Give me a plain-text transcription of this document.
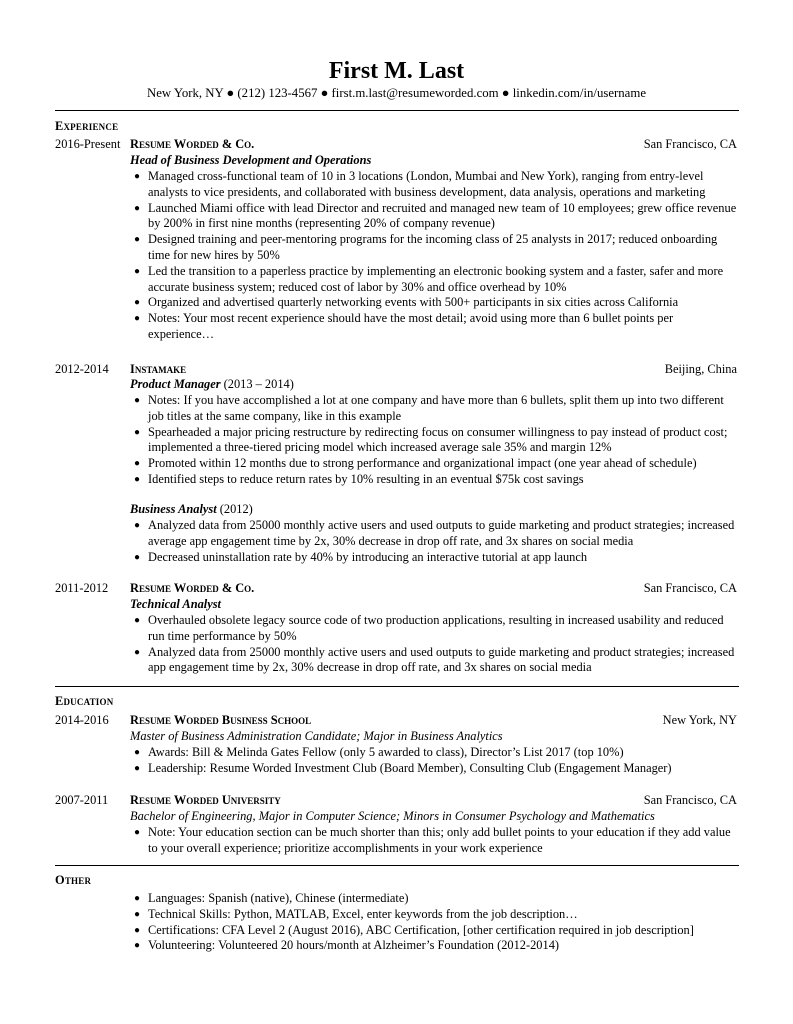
First M. Last
New York, NY ● (212) 123-4567 ● first.m.last@resumeworded.com ● linkedin.com/in/username
Experience
2016-Present Resume Worded & Co.	San Francisco, CA
Head of Business Development and Operations
● Managed cross-functional team of 10 in 3 locations (London, Mumbai and New York), ranging from entry-level analysts to vice presidents, and collaborated with business development, data analysis, operations and marketing
● Launched Miami office with lead Director and recruited and managed new team of 10 employees; grew office revenue by 200% in first nine months (representing 20% of company revenue)
● Designed training and peer-mentoring programs for the incoming class of 25 analysts in 2017; reduced onboarding time for new hires by 50%
● Led the transition to a paperless practice by implementing an electronic booking system and a faster, safer and more accurate business system; reduced cost of labor by 30% and office overhead by 10%
● Organized and advertised quarterly networking events with 500+ participants in six cities across California
● Notes: Your most recent experience should have the most detail; avoid using more than 6 bullet points per experience…
2012-2014 Instamake	Beijing, China
Product Manager (2013 – 2014)
● Notes: If you have accomplished a lot at one company and have more than 6 bullets, split them up into two different job titles at the same company, like in this example
● Spearheaded a major pricing restructure by redirecting focus on consumer willingness to pay instead of product cost; implemented a three-tiered pricing model which increased average sale 35% and margin 12%
● Promoted within 12 months due to strong performance and organizational impact (one year ahead of schedule)
● Identified steps to reduce return rates by 10% resulting in an eventual $75k cost savings
Business Analyst (2012)
● Analyzed data from 25000 monthly active users and used outputs to guide marketing and product strategies; increased average app engagement time by 2x, 30% decrease in drop off rate, and 3x shares on social media
● Decreased uninstallation rate by 40% by introducing an interactive tutorial at app launch
2011-2012 Resume Worded & Co.	San Francisco, CA
Technical Analyst
● Overhauled obsolete legacy source code of two production applications, resulting in increased usability and reduced run time performance by 50%
● Analyzed data from 25000 monthly active users and used outputs to guide marketing and product strategies; increased app engagement time by 2x, 30% decrease in drop off rate, and 3x shares on social media
Education
2014-2016 Resume Worded Business School	New York, NY
Master of Business Administration Candidate; Major in Business Analytics
● Awards: Bill & Melinda Gates Fellow (only 5 awarded to class), Director’s List 2017 (top 10%)
● Leadership: Resume Worded Investment Club (Board Member), Consulting Club (Engagement Manager)
2007-2011 Resume Worded University	San Francisco, CA
Bachelor of Engineering, Major in Computer Science; Minors in Consumer Psychology and Mathematics
● Note: Your education section can be much shorter than this; only add bullet points to your education if they add value to your overall experience; prioritize accomplishments in your work experience
Other
● Languages: Spanish (native), Chinese (intermediate)
● Technical Skills: Python, MATLAB, Excel, enter keywords from the job description…
● Certifications: CFA Level 2 (August 2016), ABC Certification, [other certification required in job description]
● Volunteering: Volunteered 20 hours/month at Alzheimer’s Foundation (2012-2014)
